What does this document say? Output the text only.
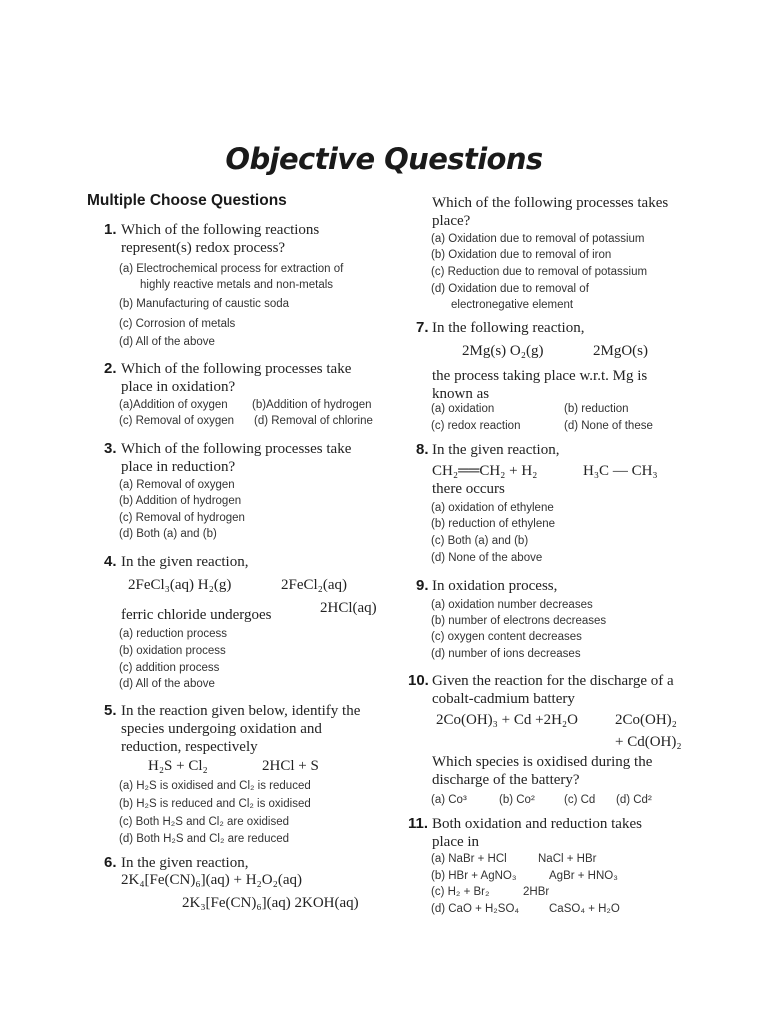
Objective Questions
Multiple Choose Questions
1. Which of the following reactions represent(s) redox process?
(a) Electrochemical process for extraction of
highly reactive metals and non-metals
(b) Manufacturing of caustic soda
(c) Corrosion of metals
(d) All of the above
2. Which of the following processes take place in oxidation?
(a)Addition of oxygen (b)Addition of hydrogen
(c) Removal of oxygen (d) Removal of chlorine
3. Which of the following processes take place in reduction?
(a) Removal of oxygen
(b) Addition of hydrogen
(c) Removal of hydrogen
(d) Both (a) and (b)
4. In the given reaction,
2FeCl₃(aq) H₂(g)	2FeCl₂(aq)
2HCl(aq)
ferric chloride undergoes
(a) reduction process
(b) oxidation process
(c) addition process
(d) All of the above
5. In the reaction given below, identify the species undergoing oxidation and reduction, respectively
H₂S + Cl₂	2HCl + S
(a) H₂S is oxidised and Cl₂ is reduced
(b) H₂S is reduced and Cl₂ is oxidised
(c) Both H₂S and Cl₂ are oxidised
(d) Both H₂S and Cl₂ are reduced
6. In the given reaction,
2K₄[Fe(CN)₆](aq) + H₂O₂(aq)
2K₃[Fe(CN)₆](aq) 2KOH(aq)
Which of the following processes takes place?
(a) Oxidation due to removal of potassium
(b) Oxidation due to removal of iron
(c) Reduction due to removal of potassium
(d) Oxidation due to removal of
electronegative element
7. In the following reaction,
2Mg(s) O₂(g)	2MgO(s)
the process taking place w.r.t. Mg is known as
(a) oxidation	(b) reduction
(c) redox reaction	(d) None of these
8. In the given reaction,
CH₂══CH₂ + H₂	H₃C — CH₃
there occurs
(a) oxidation of ethylene
(b) reduction of ethylene
(c) Both (a) and (b)
(d) None of the above
9. In oxidation process,
(a) oxidation number decreases
(b) number of electrons decreases
(c) oxygen content decreases
(d) number of ions decreases
10. Given the reaction for the discharge of a cobalt-cadmium battery
2Co(OH)₃ + Cd +2H₂O 2Co(OH)₂
+ Cd(OH)₂
Which species is oxidised during the discharge of the battery?
(a) Co³	(b) Co²	(c) Cd (d) Cd²
11. Both oxidation and reduction takes place in
(a) NaBr + HCl	NaCl + HBr
(b) HBr + AgNO₃	AgBr + HNO₃
(c) H₂ + Br₂	2HBr
(d) CaO + H₂SO₄	CaSO₄ + H₂O
